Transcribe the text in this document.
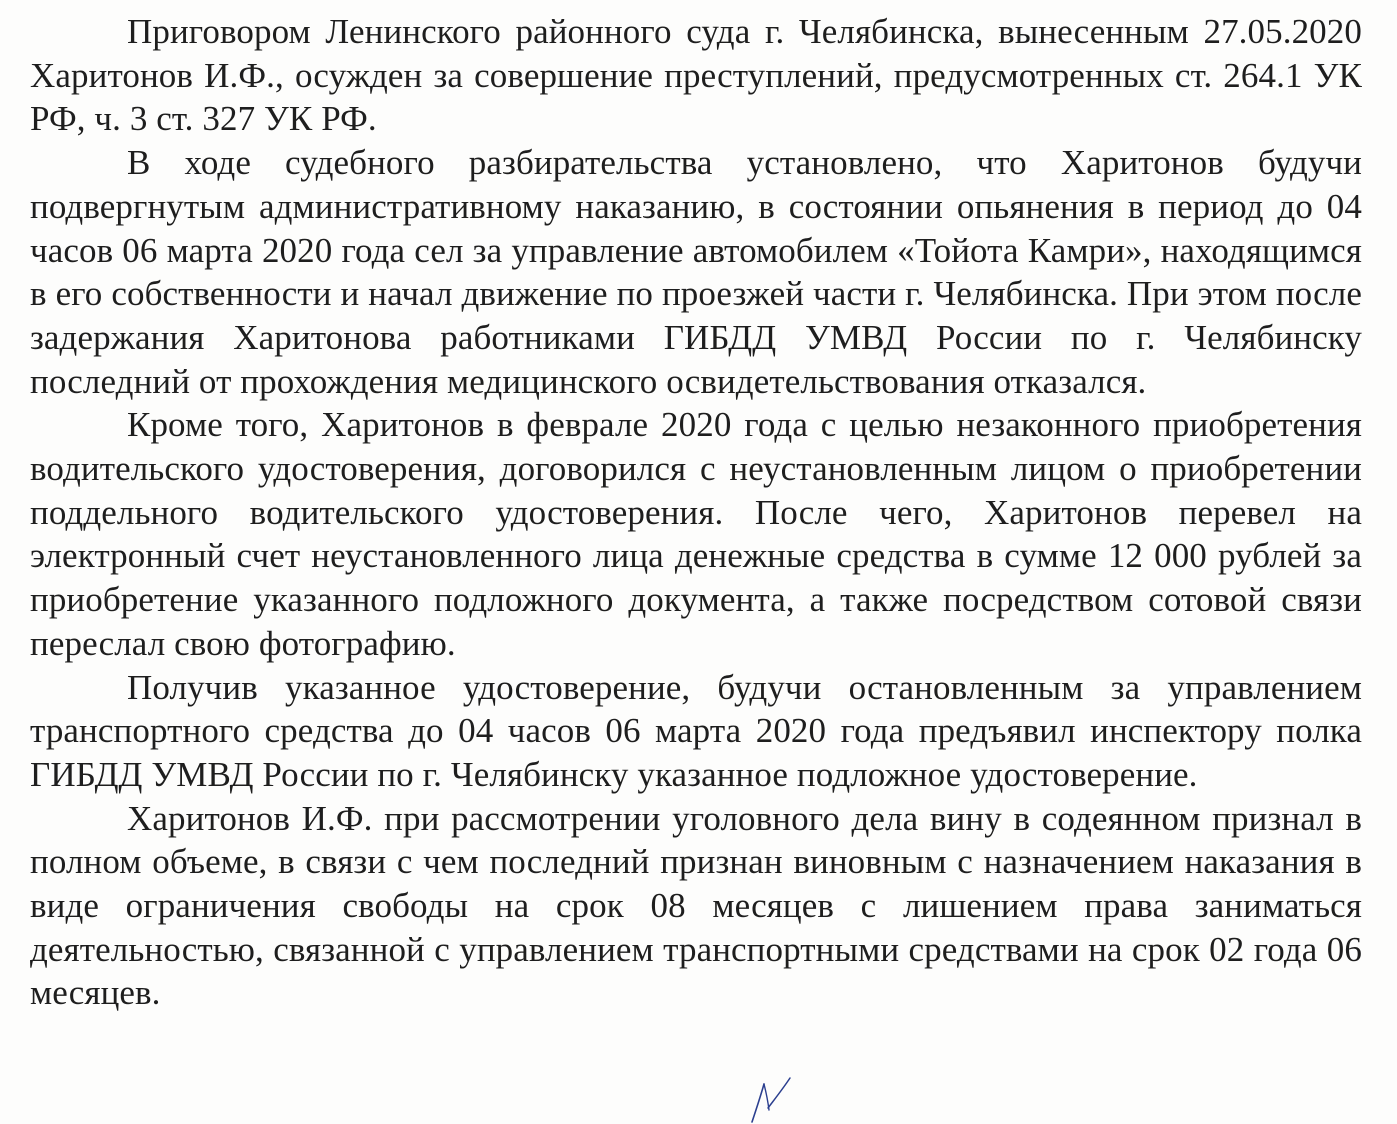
Приговором Ленинского районного суда г. Челябинска, вынесенным 27.05.2020 Харитонов И.Ф., осужден за совершение преступлений, предусмотренных ст. 264.1 УК РФ, ч. 3 ст. 327 УК РФ.

В ходе судебного разбирательства установлено, что Харитонов будучи подвергнутым административному наказанию, в состоянии опьянения в период до 04 часов 06 марта 2020 года сел за управление автомобилем «Тойота Камри», находящимся в его собственности и начал движение по проезжей части г. Челябинска. При этом после задержания Харитонова работниками ГИБДД УМВД России по г. Челябинску последний от прохождения медицинского освидетельствования отказался.

Кроме того, Харитонов в феврале 2020 года с целью незаконного приобретения водительского удостоверения, договорился с неустановленным лицом о приобретении поддельного водительского удостоверения. После чего, Харитонов перевел на электронный счет неустановленного лица денежные средства в сумме 12 000 рублей за приобретение указанного подложного документа, а также посредством сотовой связи переслал свою фотографию.

Получив указанное удостоверение, будучи остановленным за управлением транспортного средства до 04 часов 06 марта 2020 года предъявил инспектору полка ГИБДД УМВД России по г. Челябинску указанное подложное удостоверение.

Харитонов И.Ф. при рассмотрении уголовного дела вину в содеянном признал в полном объеме, в связи с чем последний признан виновным с назначением наказания в виде ограничения свободы на срок 08 месяцев с лишением права заниматься деятельностью, связанной с управлением транспортными средствами на срок 02 года 06 месяцев.
